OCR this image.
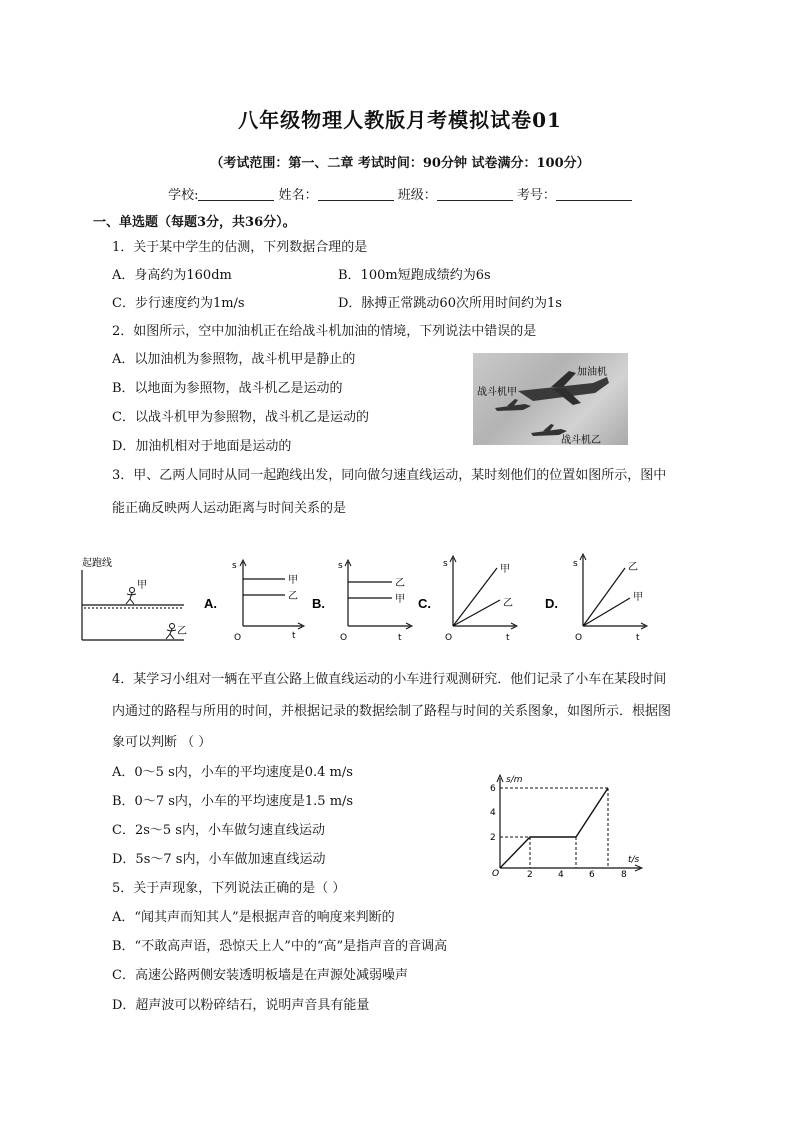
八年级物理人教版月考模拟试卷01
（考试范围：第一、二章 考试时间：90分钟 试卷满分：100分）
学校:	姓名：	班级：	考号：
一、单选题（每题3分，共36分）。
1．关于某中学生的估测，下列数据合理的是
A．身高约为160dm	B．100m短跑成绩约为6s
C．步行速度约为1m/s	D．脉搏正常跳动60次所用时间约为1s
2．如图所示，空中加油机正在给战斗机加油的情境，下列说法中错误的是
A．以加油机为参照物，战斗机甲是静止的
B．以地面为参照物，战斗机乙是运动的
C．以战斗机甲为参照物，战斗机乙是运动的
D．加油机相对于地面是运动的
加油机
战斗机甲
战斗机乙
3．甲、乙两人同时从同一起跑线出发，同向做匀速直线运动，某时刻他们的位置如图所示，图中
能正确反映两人运动距离与时间关系的是
起跑线
甲
乙
A.
甲
乙
s
t
O
B.
乙
甲
s
t
O
C.
甲
乙
s
t
O
D.
乙
甲
s
t
O
4．某学习小组对一辆在平直公路上做直线运动的小车进行观测研究．他们记录了小车在某段时间
内通过的路程与所用的时间，并根据记录的数据绘制了路程与时间的关系图象，如图所示．根据图
象可以判断 （ ）
A．0～5 s内，小车的平均速度是0.4 m/s
B．0～7 s内，小车的平均速度是1.5 m/s
C．2s～5 s内，小车做匀速直线运动
D．5s～7 s内，小车做加速直线运动
s/m
t/s
O
2
4
6
2	4	6	8
5．关于声现象，下列说法正确的是（ ）
A．“闻其声而知其人”是根据声音的响度来判断的
B．“不敢高声语，恐惊天上人”中的“高”是指声音的音调高
C．高速公路两侧安装透明板墙是在声源处减弱噪声
D．超声波可以粉碎结石，说明声音具有能量
